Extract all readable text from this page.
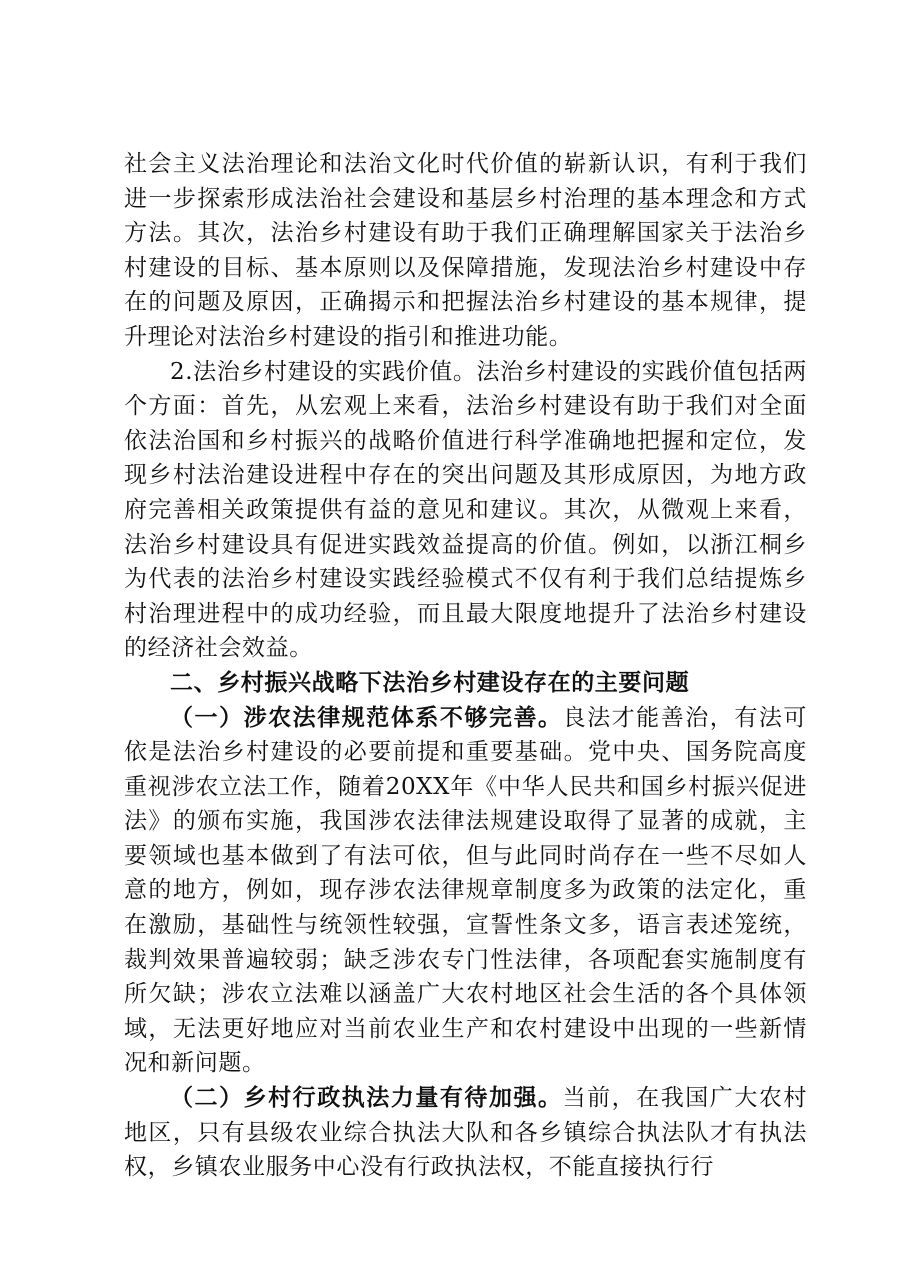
社会主义法治理论和法治文化时代价值的崭新认识，有利于我们进一步探索形成法治社会建设和基层乡村治理的基本理念和方式方法。其次，法治乡村建设有助于我们正确理解国家关于法治乡村建设的目标、基本原则以及保障措施，发现法治乡村建设中存在的问题及原因，正确揭示和把握法治乡村建设的基本规律，提升理论对法治乡村建设的指引和推进功能。

2.法治乡村建设的实践价值。法治乡村建设的实践价值包括两个方面：首先，从宏观上来看，法治乡村建设有助于我们对全面依法治国和乡村振兴的战略价值进行科学准确地把握和定位，发现乡村法治建设进程中存在的突出问题及其形成原因，为地方政府完善相关政策提供有益的意见和建议。其次，从微观上来看，法治乡村建设具有促进实践效益提高的价值。例如，以浙江桐乡为代表的法治乡村建设实践经验模式不仅有利于我们总结提炼乡村治理进程中的成功经验，而且最大限度地提升了法治乡村建设的经济社会效益。

二、乡村振兴战略下法治乡村建设存在的主要问题

（一）涉农法律规范体系不够完善。良法才能善治，有法可依是法治乡村建设的必要前提和重要基础。党中央、国务院高度重视涉农立法工作，随着20XX年《中华人民共和国乡村振兴促进法》的颁布实施，我国涉农法律法规建设取得了显著的成就，主要领域也基本做到了有法可依，但与此同时尚存在一些不尽如人意的地方，例如，现存涉农法律规章制度多为政策的法定化，重在激励，基础性与统领性较强，宣誓性条文多，语言表述笼统，裁判效果普遍较弱；缺乏涉农专门性法律，各项配套实施制度有所欠缺；涉农立法难以涵盖广大农村地区社会生活的各个具体领域，无法更好地应对当前农业生产和农村建设中出现的一些新情况和新问题。

（二）乡村行政执法力量有待加强。当前，在我国广大农村地区，只有县级农业综合执法大队和各乡镇综合执法队才有执法权，乡镇农业服务中心没有行政执法权，不能直接执行行
